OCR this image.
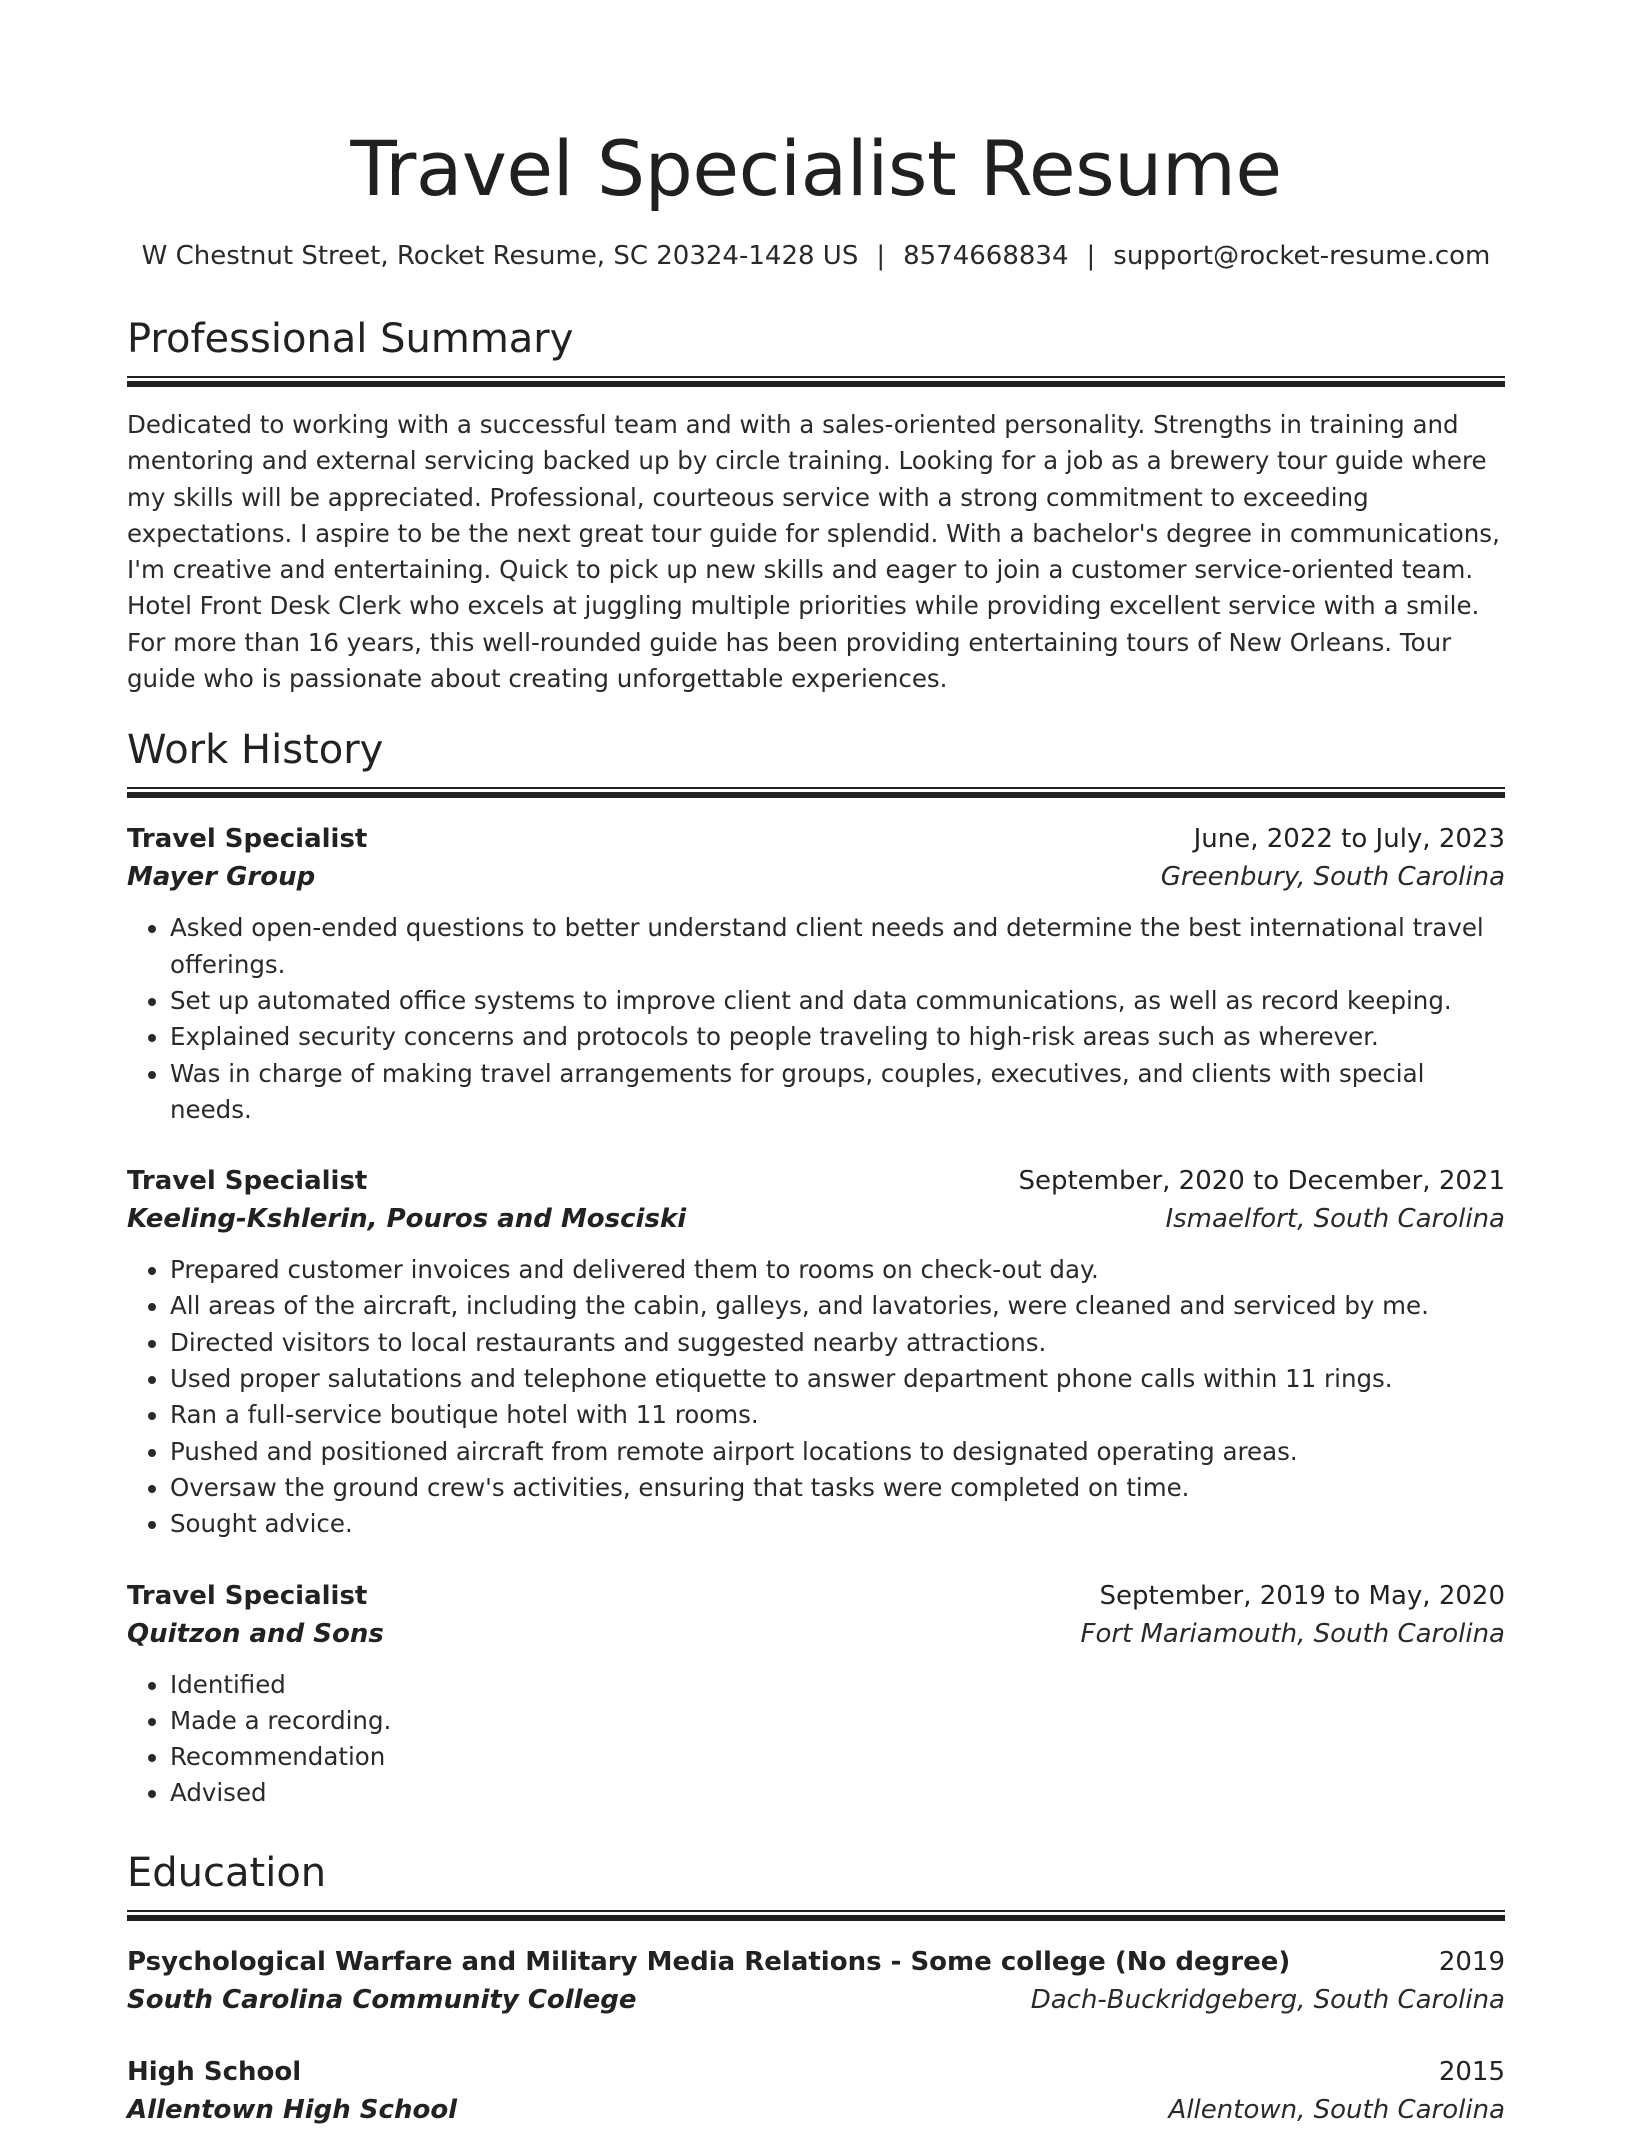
Travel Specialist Resume
W Chestnut Street, Rocket Resume, SC 20324-1428 US | 8574668834 | support@rocket-resume.com
Professional Summary

Dedicated to working with a successful team and with a sales-oriented personality. Strengths in training and mentoring and external servicing backed up by circle training. Looking for a job as a brewery tour guide where my skills will be appreciated. Professional, courteous service with a strong commitment to exceeding expectations. I aspire to be the next great tour guide for splendid. With a bachelor's degree in communications, I'm creative and entertaining. Quick to pick up new skills and eager to join a customer service-oriented team. Hotel Front Desk Clerk who excels at juggling multiple priorities while providing excellent service with a smile. For more than 16 years, this well-rounded guide has been providing entertaining tours of New Orleans. Tour guide who is passionate about creating unforgettable experiences.

Work History
Travel Specialist	June, 2022 to July, 2023
Mayer Group	Greenbury, South Carolina
• Asked open-ended questions to better understand client needs and determine the best international travel offerings.
• Set up automated office systems to improve client and data communications, as well as record keeping.
• Explained security concerns and protocols to people traveling to high-risk areas such as wherever.
• Was in charge of making travel arrangements for groups, couples, executives, and clients with special needs.
Travel Specialist	September, 2020 to December, 2021
Keeling-Kshlerin, Pouros and Mosciski	Ismaelfort, South Carolina
• Prepared customer invoices and delivered them to rooms on check-out day.
• All areas of the aircraft, including the cabin, galleys, and lavatories, were cleaned and serviced by me.
• Directed visitors to local restaurants and suggested nearby attractions.
• Used proper salutations and telephone etiquette to answer department phone calls within 11 rings.
• Ran a full-service boutique hotel with 11 rooms.
• Pushed and positioned aircraft from remote airport locations to designated operating areas.
• Oversaw the ground crew's activities, ensuring that tasks were completed on time.
• Sought advice.
Travel Specialist	September, 2019 to May, 2020
Quitzon and Sons	Fort Mariamouth, South Carolina
• Identified
• Made a recording.
• Recommendation
• Advised
Education
Psychological Warfare and Military Media Relations - Some college (No degree)	2019
South Carolina Community College	Dach-Buckridgeberg, South Carolina
High School	2015
Allentown High School	Allentown, South Carolina
